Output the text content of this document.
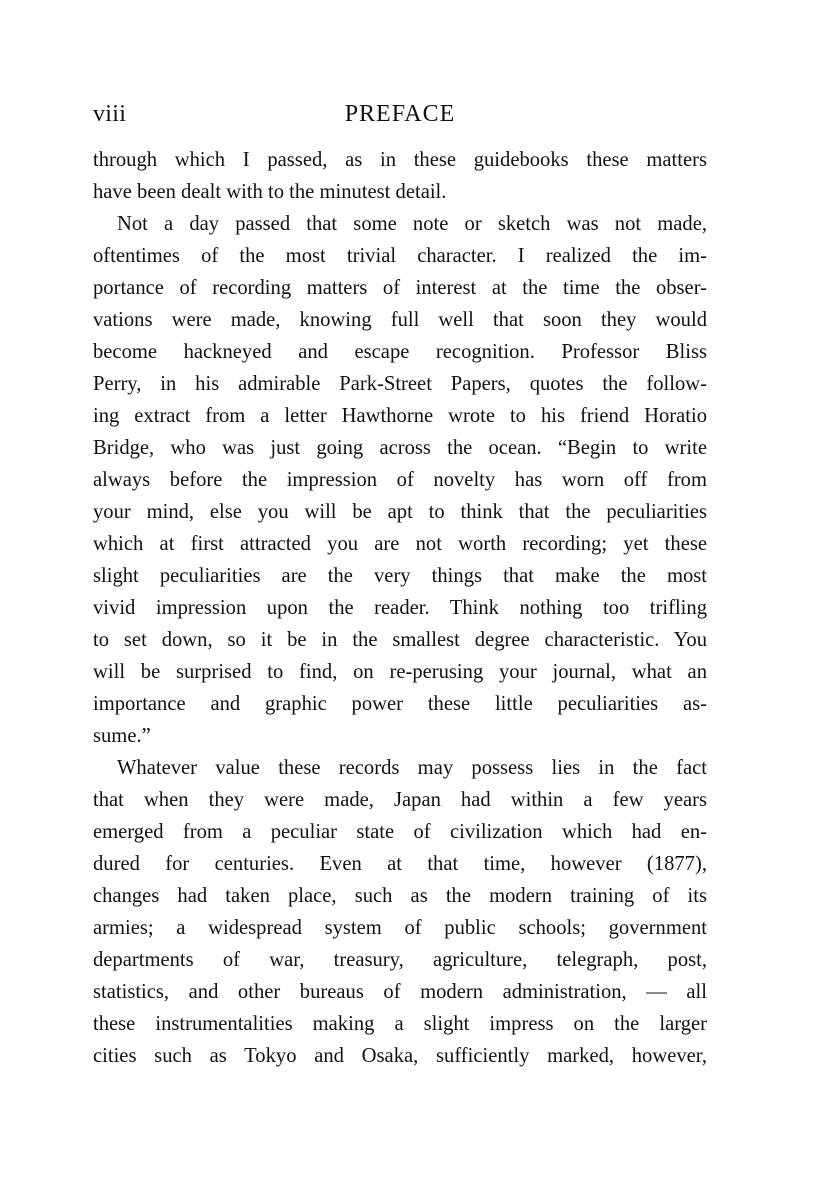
viii	PREFACE
through which I passed, as in these guidebooks these matters
have been dealt with to the minutest detail.
Not a day passed that some note or sketch was not made,
oftentimes of the most trivial character. I realized the im-
portance of recording matters of interest at the time the obser-
vations were made, knowing full well that soon they would
become hackneyed and escape recognition. Professor Bliss
Perry, in his admirable Park-Street Papers, quotes the follow-
ing extract from a letter Hawthorne wrote to his friend Horatio
Bridge, who was just going across the ocean. “Begin to write
always before the impression of novelty has worn off from
your mind, else you will be apt to think that the peculiarities
which at first attracted you are not worth recording; yet these
slight peculiarities are the very things that make the most
vivid impression upon the reader. Think nothing too trifling
to set down, so it be in the smallest degree characteristic. You
will be surprised to find, on re-perusing your journal, what an
importance and graphic power these little peculiarities as-
sume.”
Whatever value these records may possess lies in the fact
that when they were made, Japan had within a few years
emerged from a peculiar state of civilization which had en-
dured for centuries. Even at that time, however (1877),
changes had taken place, such as the modern training of its
armies; a widespread system of public schools; government
departments of war, treasury, agriculture, telegraph, post,
statistics, and other bureaus of modern administration, — all
these instrumentalities making a slight impress on the larger
cities such as Tokyo and Osaka, sufficiently marked, however,
